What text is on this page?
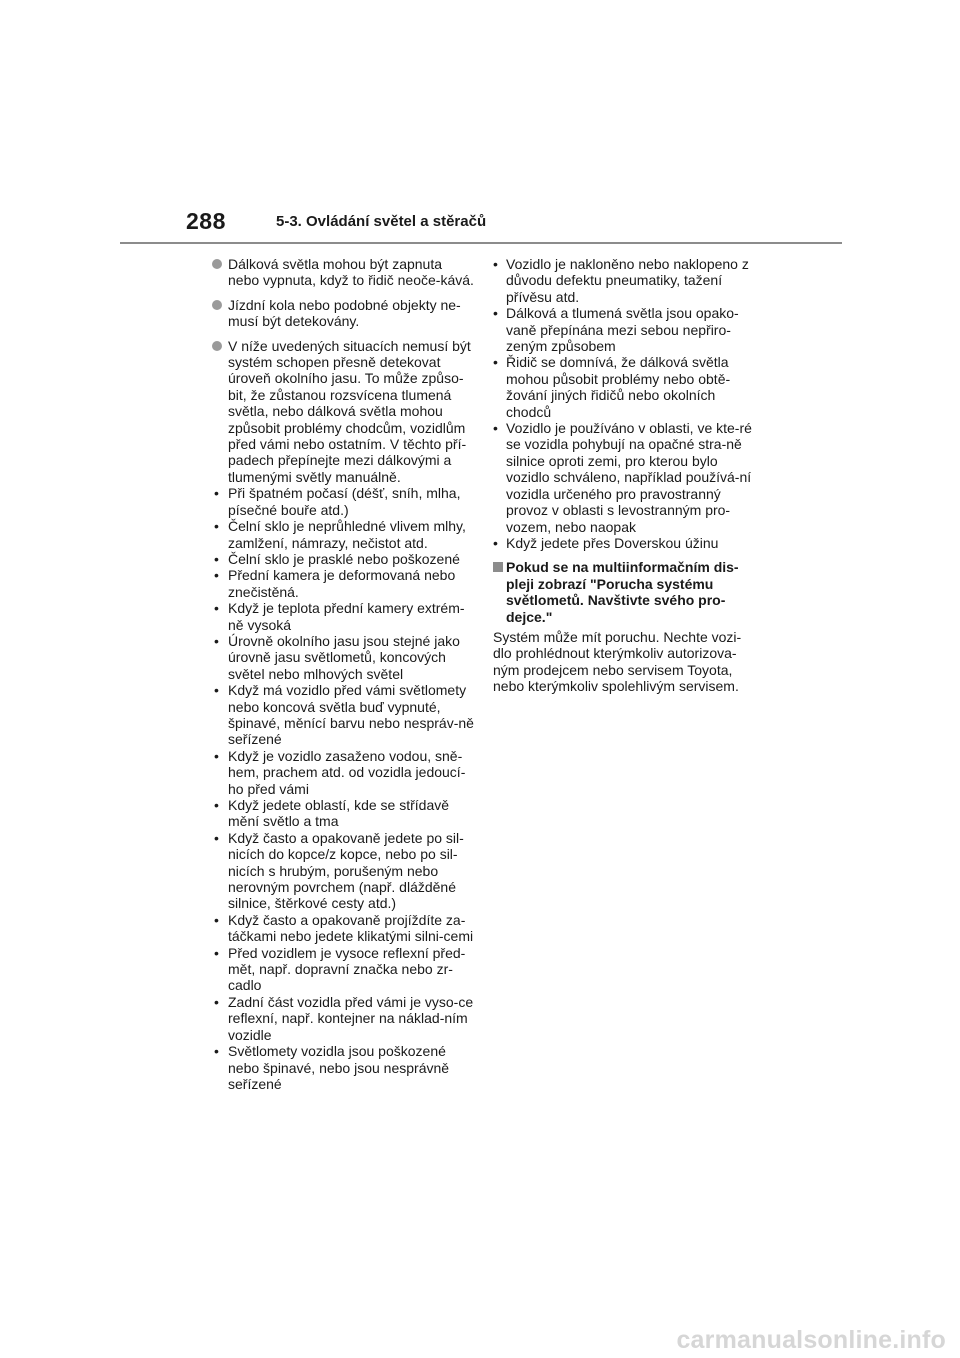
288	5-3. Ovládání světel a stěračů

Dálková světla mohou být zapnuta nebo vypnuta, když to řidič neoče-kává.

Jízdní kola nebo podobné objekty ne-musí být detekovány.

V níže uvedených situacích nemusí být systém schopen přesně detekovat úroveň okolního jasu. To může způso-bit, že zůstanou rozsvícena tlumená světla, nebo dálková světla mohou způsobit problémy chodcům, vozidlům před vámi nebo ostatním. V těchto pří-padech přepínejte mezi dálkovými a tlumenými světly manuálně.

• Při špatném počasí (déšť, sníh, mlha, písečné bouře atd.)
• Čelní sklo je neprůhledné vlivem mlhy, zamlžení, námrazy, nečistot atd.
• Čelní sklo je prasklé nebo poškozené
• Přední kamera je deformovaná nebo znečistěná.
• Když je teplota přední kamery extrém-ně vysoká
• Úrovně okolního jasu jsou stejné jako úrovně jasu světlometů, koncových světel nebo mlhových světel
• Když má vozidlo před vámi světlomety nebo koncová světla buď vypnuté, špinavé, měnící barvu nebo nespráv-ně seřízené
• Když je vozidlo zasaženo vodou, sně-hem, prachem atd. od vozidla jedoucí-ho před vámi
• Když jedete oblastí, kde se střídavě mění světlo a tma
• Když často a opakovaně jedete po sil-nicích do kopce/z kopce, nebo po sil-nicích s hrubým, porušeným nebo nerovným povrchem (např. dlážděné silnice, štěrkové cesty atd.)
• Když často a opakovaně projíždíte za-táčkami nebo jedete klikatými silni-cemi
• Před vozidlem je vysoce reflexní před-mět, např. dopravní značka nebo zr-cadlo
• Zadní část vozidla před vámi je vyso-ce reflexní, např. kontejner na náklad-ním vozidle
• Světlomety vozidla jsou poškozené nebo špinavé, nebo jsou nesprávně seřízené
• Vozidlo je nakloněno nebo naklopeno z důvodu defektu pneumatiky, tažení přívěsu atd.
• Dálková a tlumená světla jsou opako-vaně přepínána mezi sebou nepřiro-zeným způsobem
• Řidič se domnívá, že dálková světla mohou působit problémy nebo obtě-žování jiných řidičů nebo okolních chodců
• Vozidlo je používáno v oblasti, ve kte-ré se vozidla pohybují na opačné stra-ně silnice oproti zemi, pro kterou bylo vozidlo schváleno, například používá-ní vozidla určeného pro pravostranný provoz v oblasti s levostranným pro-vozem, nebo naopak
• Když jedete přes Doverskou úžinu
Pokud se na multiinformačním dis-pleji zobrazí "Porucha systému světlometů. Navštivte svého pro-dejce."

Systém může mít poruchu. Nechte vozi-dlo prohlédnout kterýmkoliv autorizova-ným prodejcem nebo servisem Toyota, nebo kterýmkoliv spolehlivým servisem.

carmanualsonline.info
